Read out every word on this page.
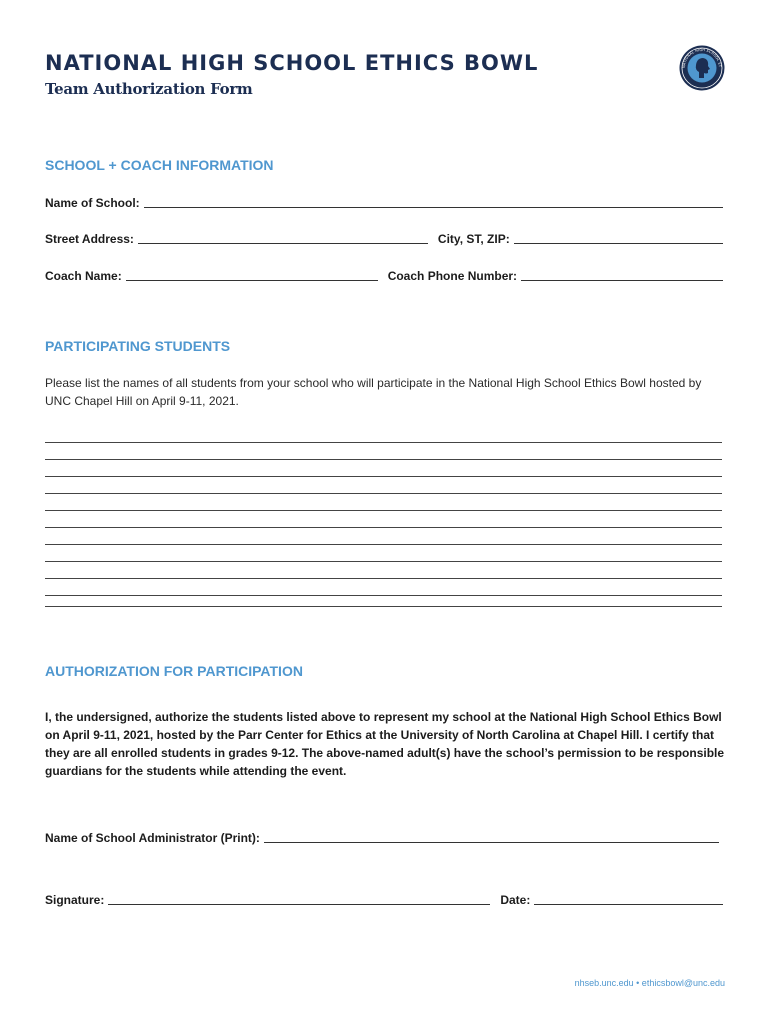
NATIONAL HIGH SCHOOL ETHICS BOWL
Team Authorization Form
NATIONAL HIGH SCHOOL ET
SCHOOL + COACH INFORMATION
Name of School:
Street Address:	City, ST, ZIP:
Coach Name:	Coach Phone Number:
PARTICIPATING STUDENTS

Please list the names of all students from your school who will participate in the National High School Ethics Bowl hosted by UNC Chapel Hill on April 9-11, 2021.

AUTHORIZATION FOR PARTICIPATION

I, the undersigned, authorize the students listed above to represent my school at the National High School Ethics Bowl on April 9-11, 2021, hosted by the Parr Center for Ethics at the University of North Carolina at Chapel Hill. I certify that they are all enrolled students in grades 9-12. The above-named adult(s) have the school’s permission to be responsible guardians for the students while attending the event.

Name of School Administrator (Print):
Signature:	Date:
nhseb.unc.edu • ethicsbowl@unc.edu
